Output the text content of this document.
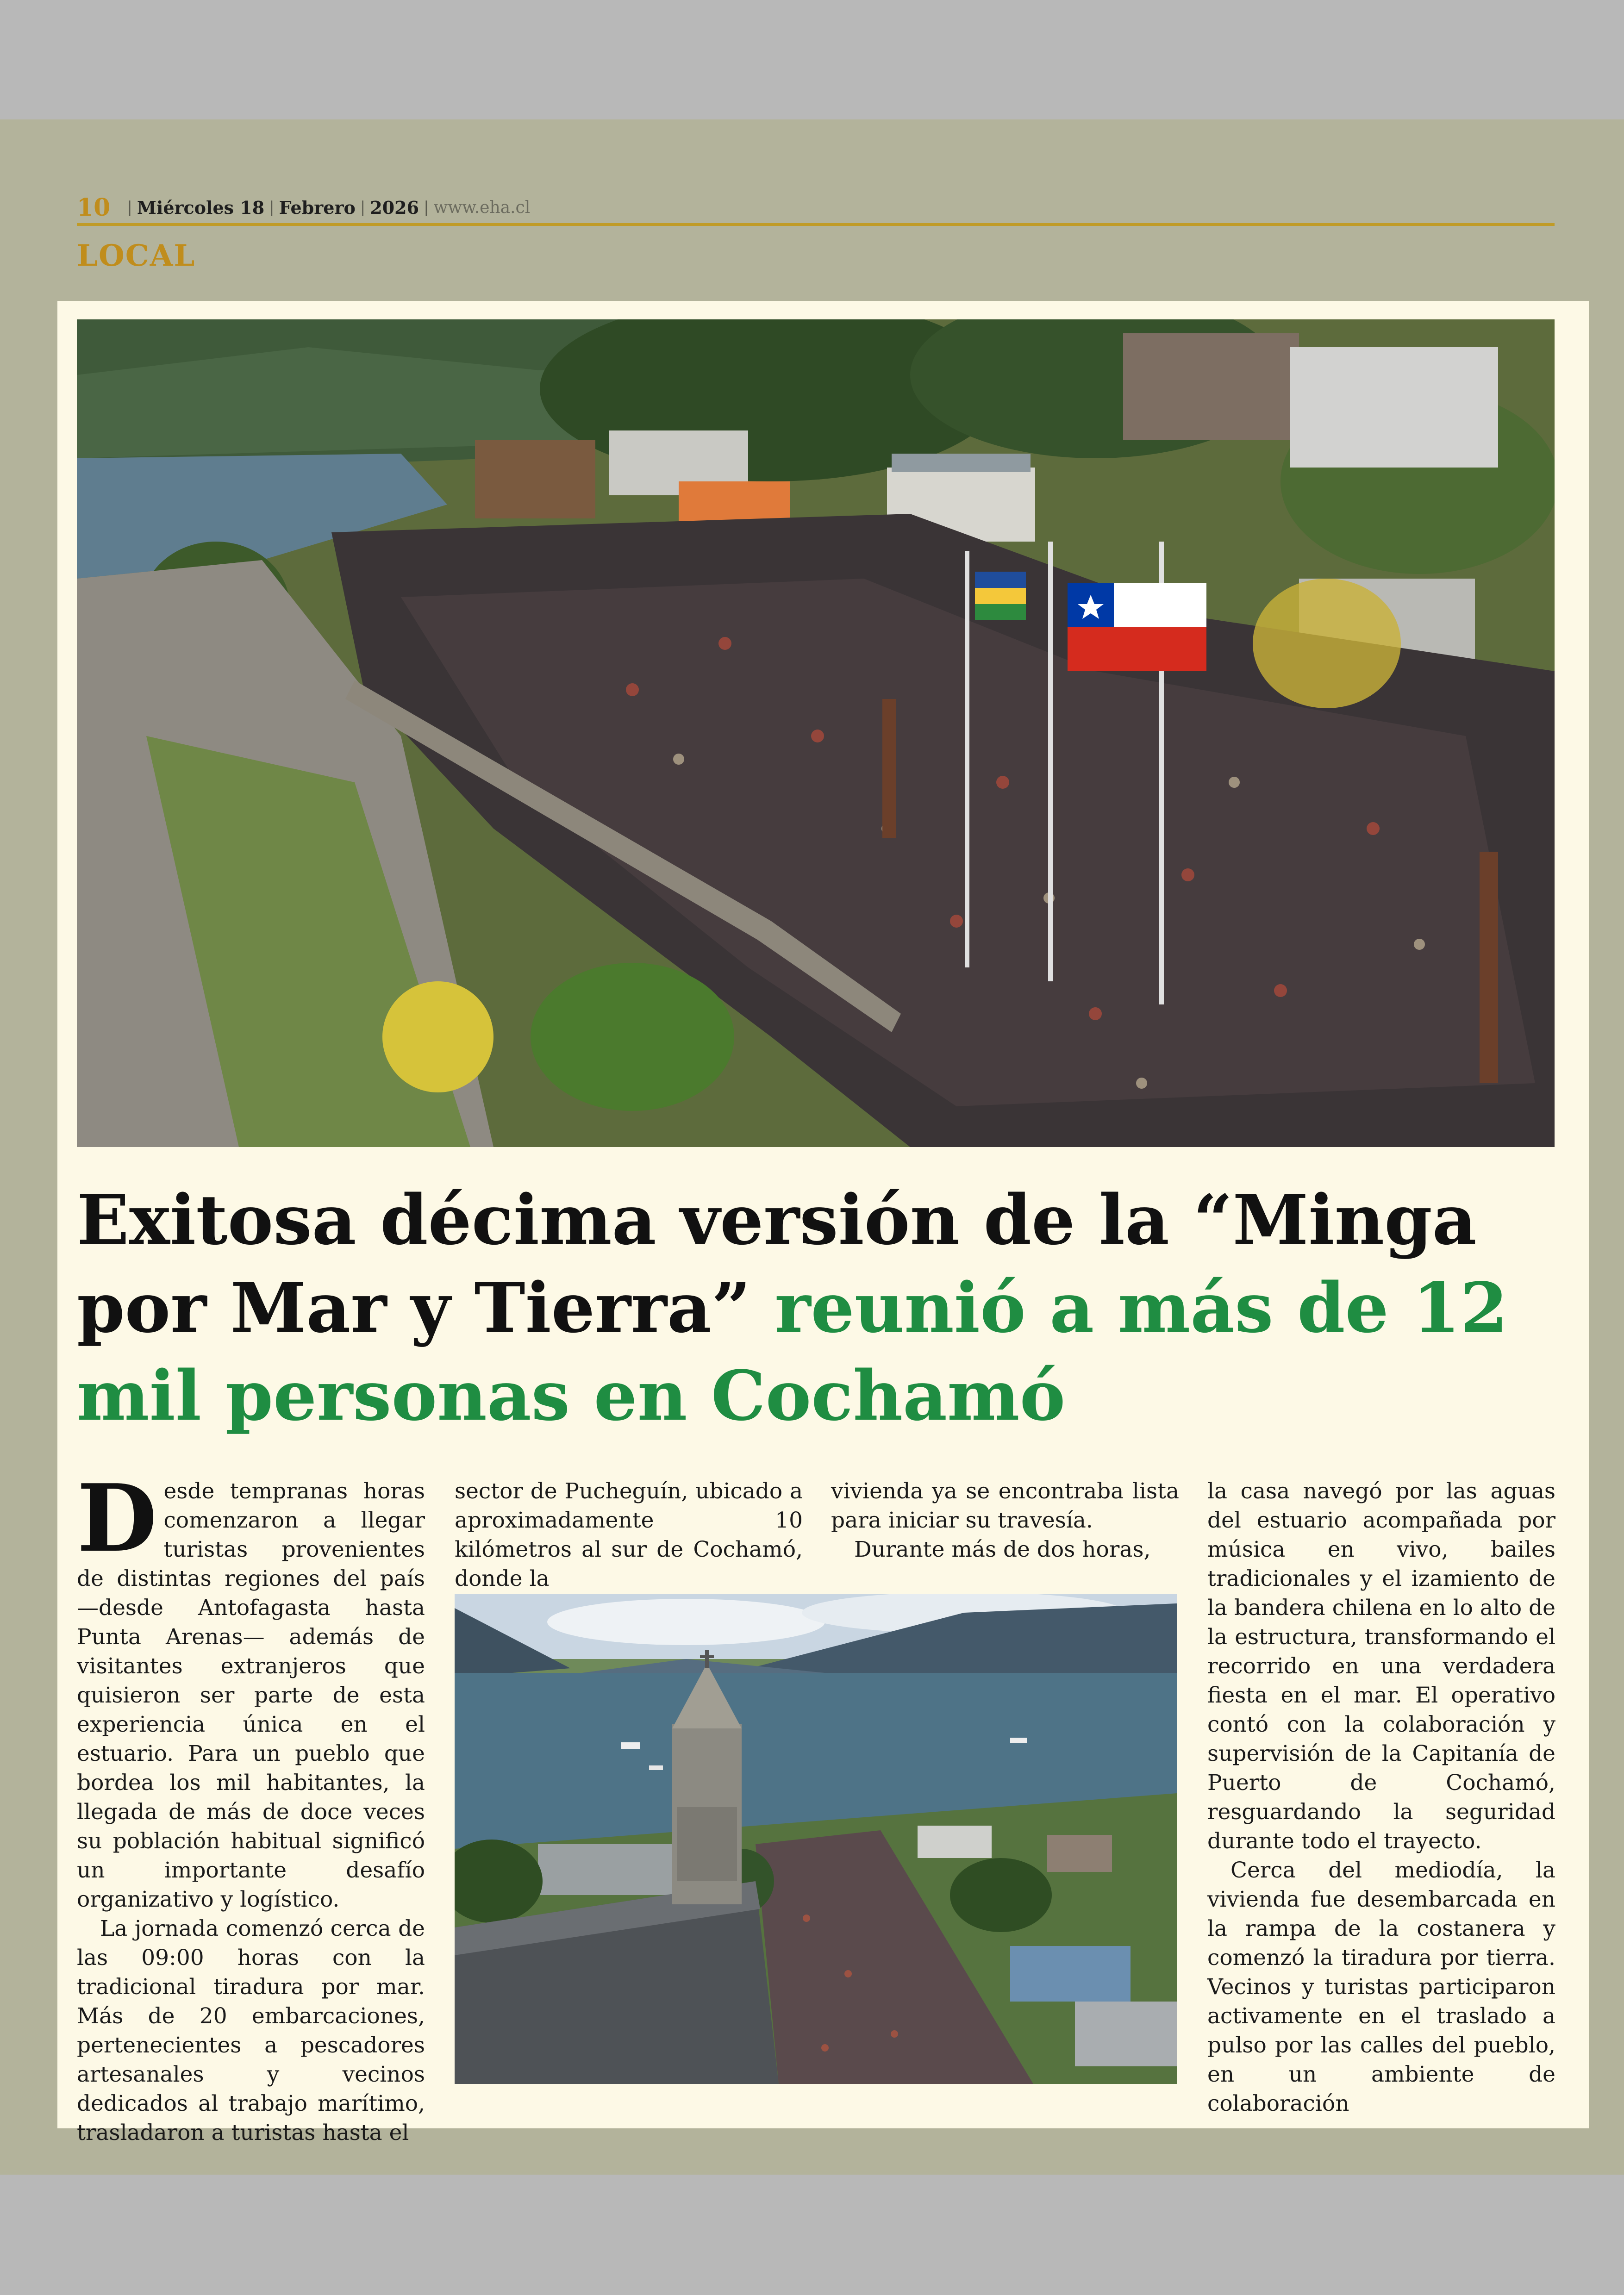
10 | Miércoles 18 | Febrero | 2026 | www.eha.cl
LOCAL
Exitosa décima versión de la “Minga por Mar y Tierra” reunió a más de 12 mil personas en Cochamó
D esde tempranas horas comenzaron a llegar turistas provenientes de distintas regiones del país —desde Antofagasta hasta Punta Arenas— además de visitantes extranjeros que quisieron ser parte de esta experiencia única en el estuario. Para un pueblo que bordea los mil habitantes, la llegada de más de doce veces su población habitual significó un importante desafío organizativo y logístico.

La jornada comenzó cerca de las 09:00 horas con la tradicional tiradura por mar. Más de 20 embarcaciones, pertenecientes a pescadores artesanales y vecinos dedicados al trabajo marítimo, trasladaron a turistas hasta el

sector de Pucheguín, ubicado a aproximadamente 10 kilómetros al sur de Cochamó, donde la

vivienda ya se encontraba lista para iniciar su travesía.

Durante más de dos horas,

la casa navegó por las aguas del estuario acompañada por música en vivo, bailes tradicionales y el izamiento de la bandera chilena en lo alto de la estructura, transformando el recorrido en una verdadera fiesta en el mar. El operativo contó con la colaboración y supervisión de la Capitanía de Puerto de Cochamó, resguardando la seguridad durante todo el trayecto.

Cerca del mediodía, la vivienda fue desembarcada en la rampa de la costanera y comenzó la tiradura por tierra. Vecinos y turistas participaron activamente en el traslado a pulso por las calles del pueblo, en un ambiente de colaboración
